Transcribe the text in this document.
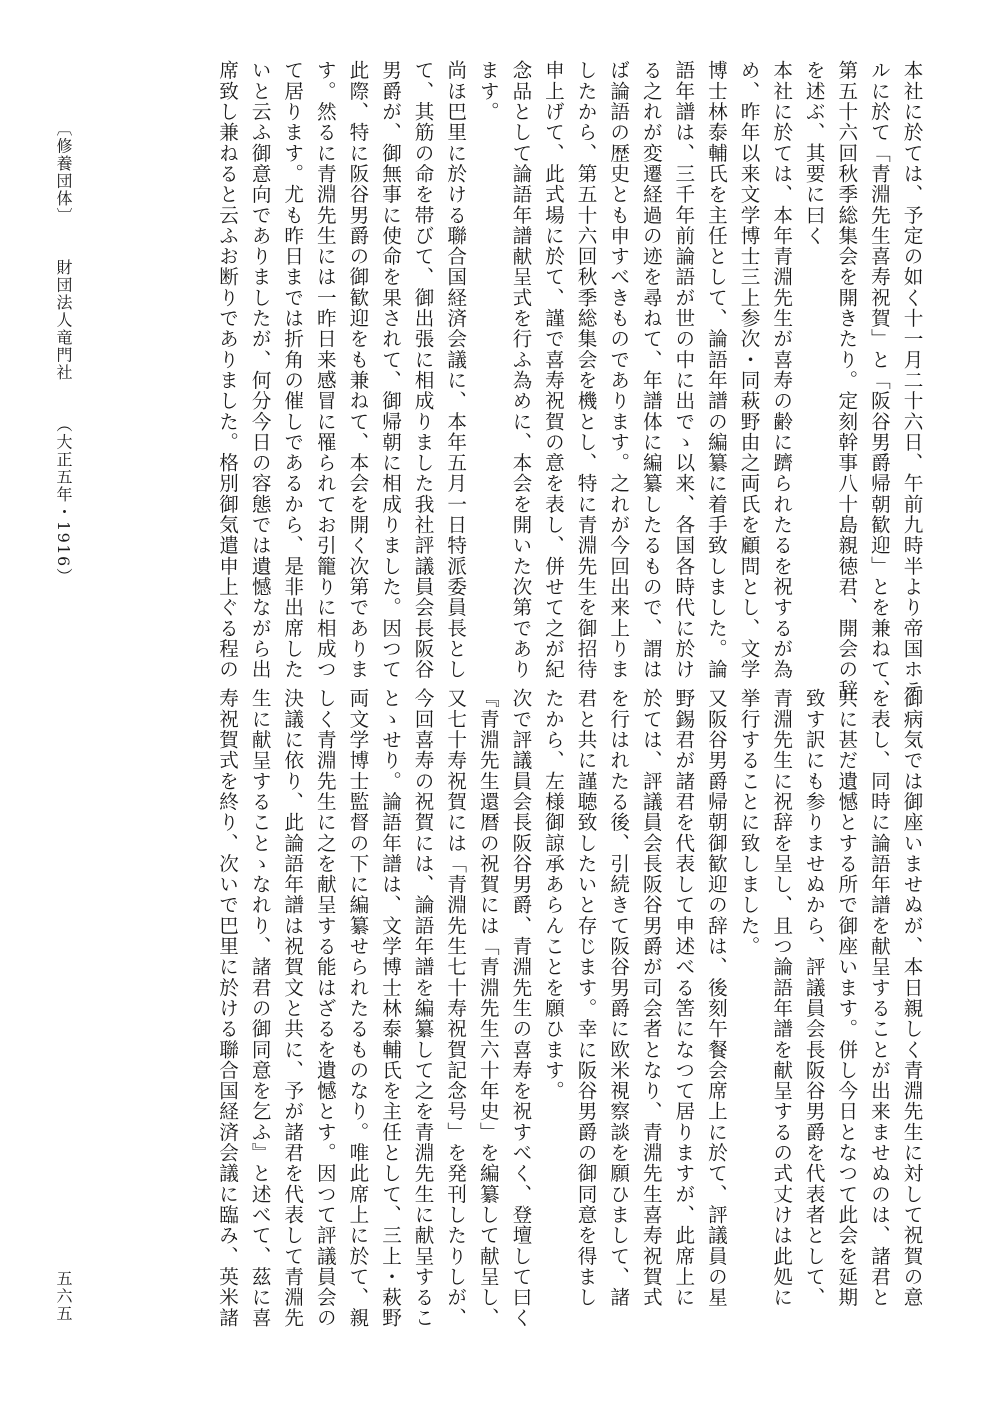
本社に於ては、予定の如く十一月二十六日、午前九時半より帝国ホテ
ルに於て「青淵先生喜寿祝賀」と「阪谷男爵帰朝歓迎」とを兼ねて、
第五十六回秋季総集会を開きたり。定刻幹事八十島親徳君、開会の辞
を述ぶ、其要に曰く
本社に於ては、本年青淵先生が喜寿の齢に躋られたるを祝するが為
め、昨年以来文学博士三上参次・同萩野由之両氏を顧問とし、文学
博士林泰輔氏を主任として、論語年譜の編纂に着手致しました。論
語年譜は、三千年前論語が世の中に出でゝ以来、各国各時代に於け
る之れが変遷経過の迹を尋ねて、年譜体に編纂したるもので、謂は
ば論語の歴史とも申すべきものであります。之れが今回出来上りま
したから、第五十六回秋季総集会を機とし、特に青淵先生を御招待
申上げて、此式場に於て、謹で喜寿祝賀の意を表し、併せて之が紀
念品として論語年譜献呈式を行ふ為めに、本会を開いた次第であり
ます。
尚ほ巴里に於ける聯合国経済会議に、本年五月一日特派委員長とし
て、其筋の命を帯びて、御出張に相成りました我社評議員会長阪谷
男爵が、御無事に使命を果されて、御帰朝に相成りました。因つて
此際、特に阪谷男爵の御歓迎をも兼ねて、本会を開く次第でありま
す。然るに青淵先生には一昨日来感冒に罹られてお引籠りに相成つ
て居ります。尤も昨日までは折角の催しであるから、是非出席した
いと云ふ御意向でありましたが、何分今日の容態では遺憾ながら出
席致し兼ねると云ふお断りでありました。格別御気遣申上ぐる程の
御病気では御座いませぬが、本日親しく青淵先生に対して祝賀の意
を表し、同時に論語年譜を献呈することが出来ませぬのは、諸君と
共に甚だ遺憾とする所で御座います。併し今日となつて此会を延期
致す訳にも参りませぬから、評議員会長阪谷男爵を代表者として、
青淵先生に祝辞を呈し、且つ論語年譜を献呈するの式丈けは此処に
挙行することに致しました。
又阪谷男爵帰朝御歓迎の辞は、後刻午餐会席上に於て、評議員の星
野錫君が諸君を代表して申述べる筈になつて居りますが、此席上に
於ては、評議員会長阪谷男爵が司会者となり、青淵先生喜寿祝賀式
を行はれたる後、引続きて阪谷男爵に欧米視察談を願ひまして、諸
君と共に謹聴致したいと存じます。幸に阪谷男爵の御同意を得まし
たから、左様御諒承あらんことを願ひます。
次で評議員会長阪谷男爵、青淵先生の喜寿を祝すべく、登壇して曰く
『青淵先生還暦の祝賀には「青淵先生六十年史」を編纂して献呈し、
又七十寿祝賀には「青淵先生七十寿祝賀記念号」を発刊したりしが、
今回喜寿の祝賀には、論語年譜を編纂して之を青淵先生に献呈するこ
とゝせり。論語年譜は、文学博士林泰輔氏を主任として、三上・萩野
両文学博士監督の下に編纂せられたるものなり。唯此席上に於て、親
しく青淵先生に之を献呈する能はざるを遺憾とす。因つて評議員会の
決議に依り、此論語年譜は祝賀文と共に、予が諸君を代表して青淵先
生に献呈することゝなれり、諸君の御同意を乞ふ』と述べて、茲に喜
寿祝賀式を終り、次いで巴里に於ける聯合国経済会議に臨み、英米諸
〔修養団体〕財団法人竜門社（大正五年・1916）
五六五
